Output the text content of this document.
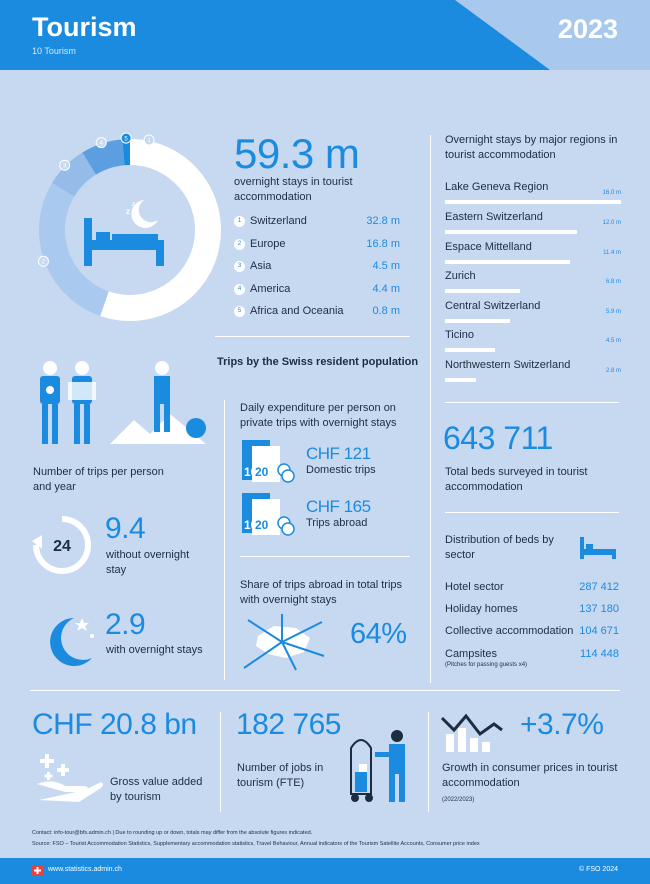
Tourism
10 Tourism
2023
1
2
3
4
5
z
z
59.3 m
overnight stays in tourist accommodation
1 Switzerland	32.8 m
2 Europe	16.8 m
3 Asia	4.5 m
4 America	4.4 m
5 Africa and Oceania	0.8 m
Overnight stays by major regions in tourist accommodation
Lake Geneva Region	16.0 m
Eastern Switzerland	12.0 m
Espace Mittelland	11.4 m
Zurich	6.8 m
Central Switzerland	5.9 m
Ticino	4.5 m
Northwestern Switzerland	2.8 m
Trips by the Swiss resident population
Number of trips per person and year
24
9.4
without overnight stay
2.9
with overnight stays
Daily expenditure per person on private trips with overnight stays
10
20
CHF 121
Domestic trips
10
20
CHF 165
Trips abroad
Share of trips abroad in total trips with overnight stays
64%
643 711
Total beds surveyed in tourist accommodation
Distribution of beds by sector
Hotel sector	287 412
Holiday homes	137 180
Collective accommodation 104 671
Campsites	114 448
(Pitches for passing guests x4)
CHF 20.8 bn
Gross value added by tourism
182 765
Number of jobs in tourism (FTE)
+3.7%
Growth in consumer prices in tourist accommodation
(2022/2023)
Contact: info-tour@bfs.admin.ch | Due to rounding up or down, totals may differ from the absolute figures indicated.
Source: FSO – Tourist Accommodation Statistics, Supplementary accommodation statistics, Travel Behaviour, Annual indicators of the Tourism Satellite Accounts, Consumer price index
www.statistics.admin.ch	© FSO 2024
